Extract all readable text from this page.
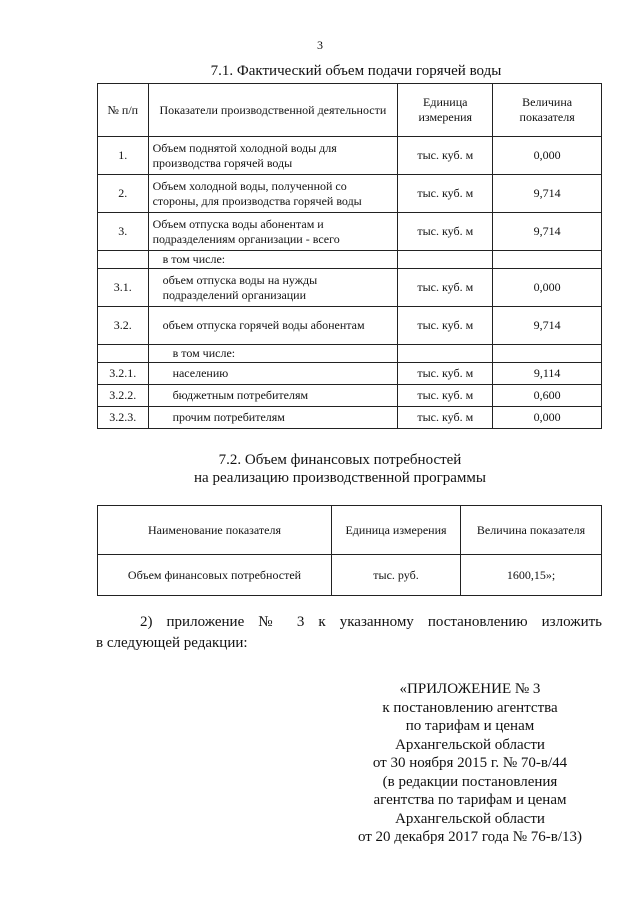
3
7.1. Фактический объем подачи горячей воды
№ п/п	Показатели производственной деятельности	Единица измерения	Величина показателя
1.	Объем поднятой холодной воды для производства горячей воды	тыс. куб. м	0,000
2.	Объем холодной воды, полученной со стороны, для производства горячей воды	тыс. куб. м	9,714
3.	Объем отпуска воды абонентам и подразделениям организации - всего	тыс. куб. м	9,714
	в том числе:		
3.1.	объем отпуска воды на нужды подразделений организации	тыс. куб. м	0,000
3.2.	объем отпуска горячей воды абонентам	тыс. куб. м	9,714
	в том числе:		
3.2.1.	населению	тыс. куб. м	9,114
3.2.2.	бюджетным потребителям	тыс. куб. м	0,600
3.2.3.	прочим потребителям	тыс. куб. м	0,000
7.2. Объем финансовых потребностей
на реализацию производственной программы
Наименование показателя	Единица измерения	Величина показателя
Объем финансовых потребностей	тыс. руб.	1600,15»;
2) приложение № 3 к указанному постановлению изложить
в следующей редакции:
«ПРИЛОЖЕНИЕ № 3
к постановлению агентства
по тарифам и ценам
Архангельской области
от 30 ноября 2015 г. № 70-в/44
(в редакции постановления
агентства по тарифам и ценам
Архангельской области
от 20 декабря 2017 года № 76-в/13)
